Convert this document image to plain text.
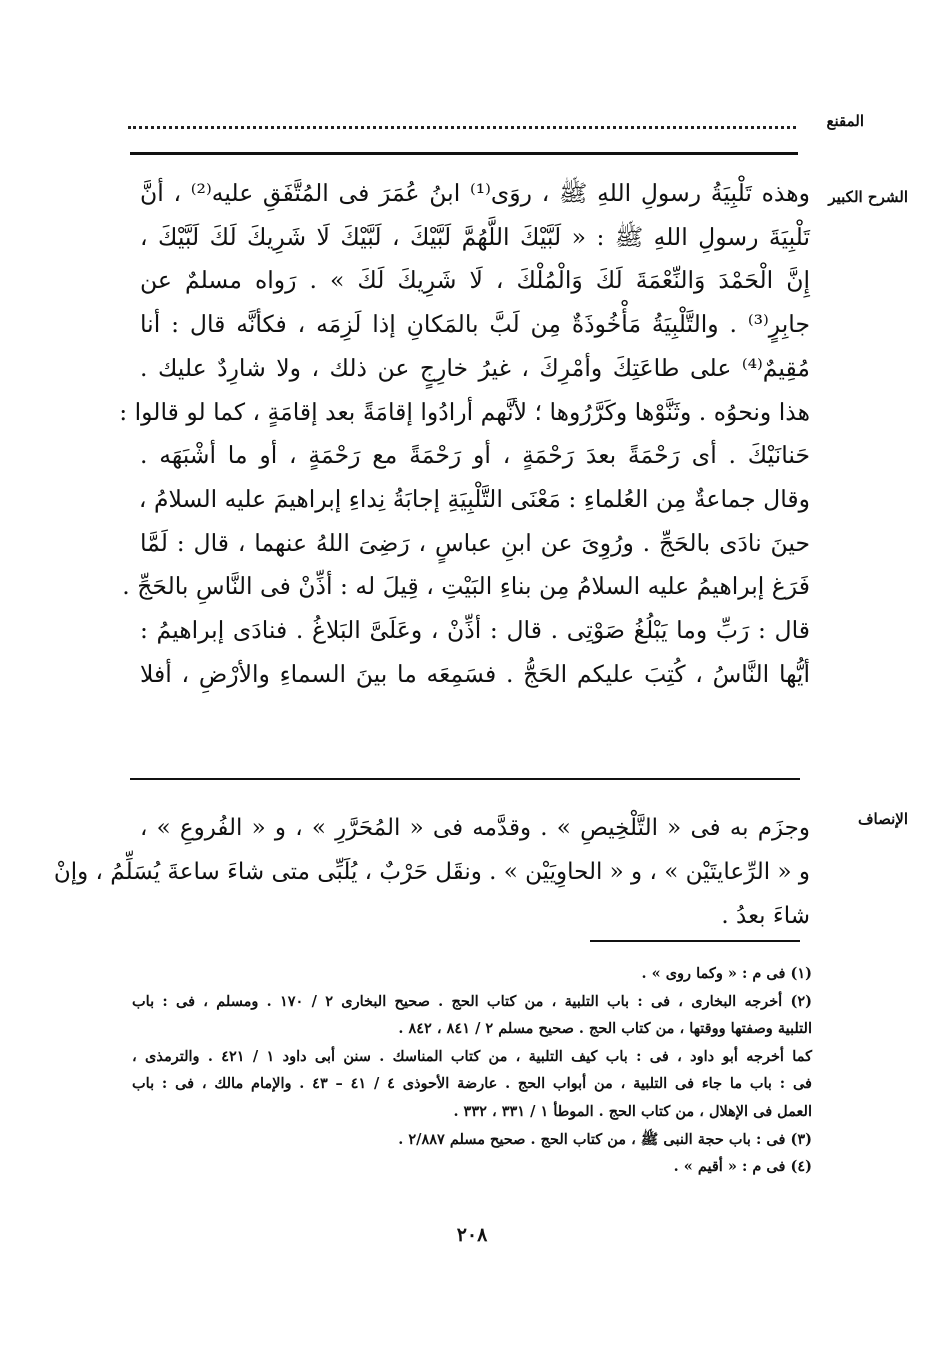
المقنع
الشرح الكبير
وهذه تَلْبِيَةُ رسولِ اللهِ ﷺ ، روَى⁽¹⁾ ابنُ عُمَرَ فى المُتَّفَقِ عليه⁽²⁾ ، أنَّ
تَلْبِيَةَ رسولِ اللهِ ﷺ : « لَبَّيْكَ اللَّهُمَّ لَبَّيْكَ ، لَبَّيْكَ لَا شَرِيكَ لَكَ لَبَّيْكَ ،
إِنَّ الْحَمْدَ وَالنِّعْمَةَ لَكَ وَالْمُلْكَ ، لَا شَرِيكَ لَكَ » . رَواه مسلمٌ عن
جابِرٍ⁽³⁾ . والتَّلْبِيَةُ مَأْخُوذَةٌ مِن لَبَّ بالمَكانِ إذا لَزِمَه ، فكأنَّه قال : أنا
مُقِيمٌ⁽⁴⁾ على طاعَتِكَ وأمْرِكَ ، غيرُ خارِجٍ عن ذلك ، ولا شارِدٌ عليك .
هذا ونحوُه . وثَنَّوْها وكَرَّرُوها ؛ لأنَّهم أرادُوا إقامَةً بعد إقامَةٍ ، كما لو قالوا :
حَنانَيْكَ . أى رَحْمَةً بعدَ رَحْمَةٍ ، أو رَحْمَةً مع رَحْمَةٍ ، أو ما أشْبَهَه .
وقال جماعةٌ مِن العُلماءِ : مَعْنَى التَّلْبِيَةِ إجابَةُ نِداءِ إبراهيمَ عليه السلامُ ،
حينَ نادَى بالحَجِّ . ورُوِىَ عن ابنِ عباسٍ ، رَضِىَ اللهُ عنهما ، قال : لَمَّا
فَرَغ إبراهيمُ عليه السلامُ مِن بناءِ البَيْتِ ، قِيلَ له : أذِّنْ فى النَّاسِ بالحَجِّ .
قال : رَبِّ وما يَبْلُغُ صَوْتِى . قال : أذِّنْ ، وعَلَىَّ البَلاغُ . فنادَى إبراهيمُ :
أيُّها النَّاسُ ، كُتِبَ عليكم الحَجُّ . فسَمِعَه ما بينَ السماءِ والأرْضِ ، أفلا
الإنصاف
وجزَم به فى « التَّلْخِيصِ » . وقدَّمه فى « المُحَرَّرِ » ، و « الفُروعِ » ،
و « الرِّعايتَيْن » ، و « الحاوِيَيْن » . ونقَل حَرْبٌ ، يُلَبِّى متى شاءَ ساعةَ يُسَلِّمُ ، وإنْ
شاءَ بعدُ .
(١) فى م : « وكما روى » .
(٢) أخرجه البخارى ، فى : باب التلبية ، من كتاب الحج . صحيح البخارى ٢ / ١٧٠ . ومسلم ، فى : باب
التلبية وصفتها ووقتها ، من كتاب الحج . صحيح مسلم ٢ / ٨٤١ ، ٨٤٢ .
كما أخرجه أبو داود ، فى : باب كيف التلبية ، من كتاب المناسك . سنن أبى داود ١ / ٤٢١ . والترمذى ،
فى : باب ما جاء فى التلبية ، من أبواب الحج . عارضة الأحوذى ٤ / ٤١ – ٤٣ . والإمام مالك ، فى : باب
العمل فى الإهلال ، من كتاب الحج . الموطأ ١ / ٣٣١ ، ٣٣٢ .
(٣) فى : باب حجة النبى ﷺ ، من كتاب الحج . صحيح مسلم ٢/٨٨٧ .
(٤) فى م : « أقيم » .
٢٠٨
